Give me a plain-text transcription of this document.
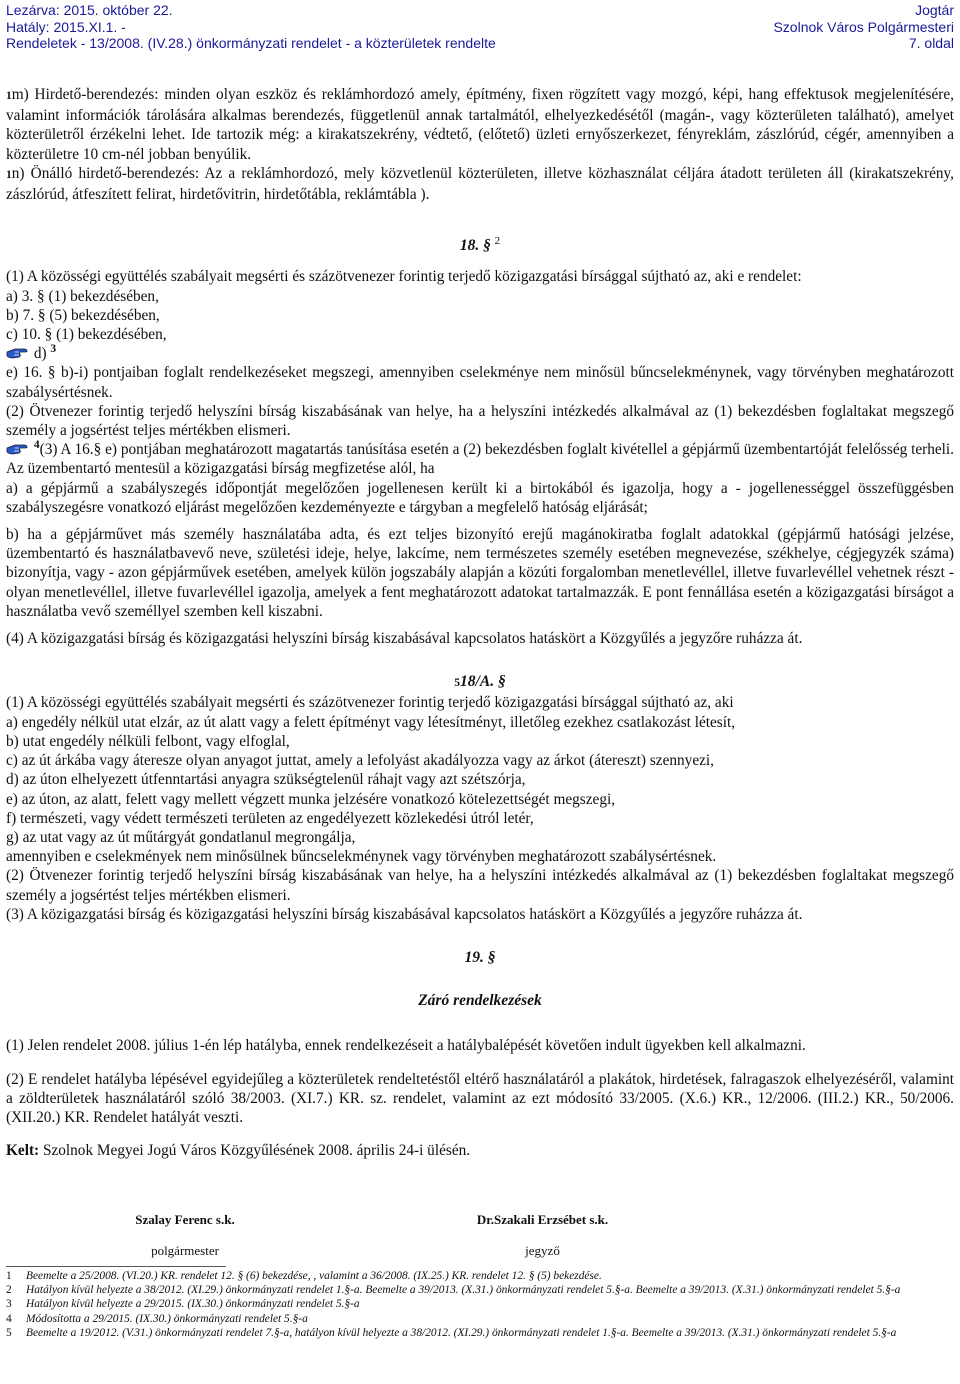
Lezárva: 2015. október 22.
Hatály: 2015.XI.1. -
Rendeletek - 13/2008. (IV.28.) önkormányzati rendelet - a közterületek rendelte
Jogtár
Szolnok Város Polgármesteri
7. oldal

1m) Hirdető-berendezés: minden olyan eszköz és reklámhordozó amely, építmény, fixen rögzített vagy mozgó, képi, hang effektusok megjelenítésére, valamint információk tárolására alkalmas berendezés, függetlenül annak tartalmától, elhelyezkedésétől (magán-, vagy közterületen található), amelyet közterületről érzékelni lehet. Ide tartozik még: a kirakatszekrény, védtető, (előtető) üzleti ernyőszerkezet, fényreklám, zászlórúd, cégér, amennyiben a közterületre 10 cm-nél jobban benyúlik.

1n) Önálló hirdető-berendezés: Az a reklámhordozó, mely közvetlenül közterületen, illetve közhasználat céljára átadott területen áll (kirakatszekrény, zászlórúd, átfeszített felirat, hirdetővitrin, hirdetőtábla, reklámtábla ).

18. § $^2$

(1) A közösségi együttélés szabályait megsérti és százötvenezer forintig terjedő közigazgatási bírsággal sújtható az, aki e rendelet:

a) 3. § (1) bekezdésében,

b) 7. § (5) bekezdésében,

c) 10. § (1) bekezdésében,

d) $^3$

e) 16. § b)-i) pontjaiban foglalt rendelkezéseket megszegi, amennyiben cselekménye nem minősül bűncselekménynek, vagy törvényben meghatározott szabálysértésnek.

(2) Ötvenezer forintig terjedő helyszíni bírság kiszabásának van helye, ha a helyszíni intézkedés alkalmával az (1) bekezdésben foglaltakat megszegő személy a jogsértést teljes mértékben elismeri.

$^4$(3) A 16.§ e) pontjában meghatározott magatartás tanúsítása esetén a (2) bekezdésben foglalt kivétellel a gépjármű üzembentartóját felelősség terheli. Az üzembentartó mentesül a közigazgatási bírság megfizetése alól, ha

a) a gépjármű a szabályszegés időpontját megelőzően jogellenesen került ki a birtokából és igazolja, hogy a - jogellenességgel összefüggésben szabályszegésre vonatkozó eljárást megelőzően kezdeményezte e tárgyban a megfelelő hatóság eljárását;

b) ha a gépjárművet más személy használatába adta, és ezt teljes bizonyító erejű magánokiratba foglalt adatokkal (gépjármű hatósági jelzése, üzembentartó és használatbavevő neve, születési ideje, helye, lakcíme, nem természetes személy esetében megnevezése, székhelye, cégjegyzék száma) bizonyítja, vagy - azon gépjárművek esetében, amelyek külön jogszabály alapján a közúti forgalomban menetlevéllel, illetve fuvarlevéllel vehetnek részt - olyan menetlevéllel, illetve fuvarlevéllel igazolja, amelyek a fent meghatározott adatokat tartalmazzák. E pont fennállása esetén a közigazgatási bírságot a használatba vevő személlyel szemben kell kiszabni.

(4) A közigazgatási bírság és közigazgatási helyszíni bírság kiszabásával kapcsolatos hatáskört a Közgyűlés a jegyzőre ruházza át.

518/A. §

(1) A közösségi együttélés szabályait megsérti és százötvenezer forintig terjedő közigazgatási bírsággal sújtható az, aki

a) engedély nélkül utat elzár, az út alatt vagy a felett építményt vagy létesítményt, illetőleg ezekhez csatlakozást létesít,

b) utat engedély nélküli felbont, vagy elfoglal,

c) az út árkába vagy áteresze olyan anyagot juttat, amely a lefolyást akadályozza vagy az árkot (átereszt) szennyezi,

d) az úton elhelyezett útfenntartási anyagra szükségtelenül ráhajt vagy azt szétszórja,

e) az úton, az alatt, felett vagy mellett végzett munka jelzésére vonatkozó kötelezettségét megszegi,

f) természeti, vagy védett természeti területen az engedélyezett közlekedési útról letér,

g) az utat vagy az út műtárgyát gondatlanul megrongálja,

amennyiben e cselekmények nem minősülnek bűncselekménynek vagy törvényben meghatározott szabálysértésnek.

(2) Ötvenezer forintig terjedő helyszíni bírság kiszabásának van helye, ha a helyszíni intézkedés alkalmával az (1) bekezdésben foglaltakat megszegő személy a jogsértést teljes mértékben elismeri.

(3) A közigazgatási bírság és közigazgatási helyszíni bírság kiszabásával kapcsolatos hatáskört a Közgyűlés a jegyzőre ruházza át.

19. §

Záró rendelkezések

(1) Jelen rendelet 2008. július 1-én lép hatályba, ennek rendelkezéseit a hatálybalépését követően indult ügyekben kell alkalmazni.

(2) E rendelet hatályba lépésével egyidejűleg a közterületek rendeltetéstől eltérő használatáról a plakátok, hirdetések, falragaszok elhelyezéséről, valamint a zöldterületek használatáról szóló 38/2003. (XI.7.) KR. sz. rendelet, valamint az ezt módosító 33/2005. (X.6.) KR., 12/2006. (III.2.) KR., 50/2006. (XII.20.) KR. Rendelet hatályát veszti.

Kelt: Szolnok Megyei Jogú Város Közgyűlésének 2008. április 24-i ülésén.

Szalay Ferenc s.k.
polgármester
Dr.Szakali Erzsébet s.k.
jegyző
1 Beemelte a 25/2008. (VI.20.) KR. rendelet 12. § (6) bekezdése, , valamint a 36/2008. (IX.25.) KR. rendelet 12. § (5) bekezdése.
2 Hatályon kívül helyezte a 38/2012. (XI.29.) önkormányzati rendelet 1.§-a. Beemelte a 39/2013. (X.31.) önkormányzati rendelet 5.§-a. Beemelte a 39/2013. (X.31.) önkormányzati rendelet 5.§-a
3 Hatályon kívül helyezte a 29/2015. (IX.30.) önkormányzati rendelet 5.§-a
4 Módosította a 29/2015. (IX.30.) önkormányzati rendelet 5.§-a
5 Beemelte a 19/2012. (V.31.) önkormányzati rendelet 7.§-a, hatályon kívül helyezte a 38/2012. (XI.29.) önkormányzati rendelet 1.§-a. Beemelte a 39/2013. (X.31.) önkormányzati rendelet 5.§-a
